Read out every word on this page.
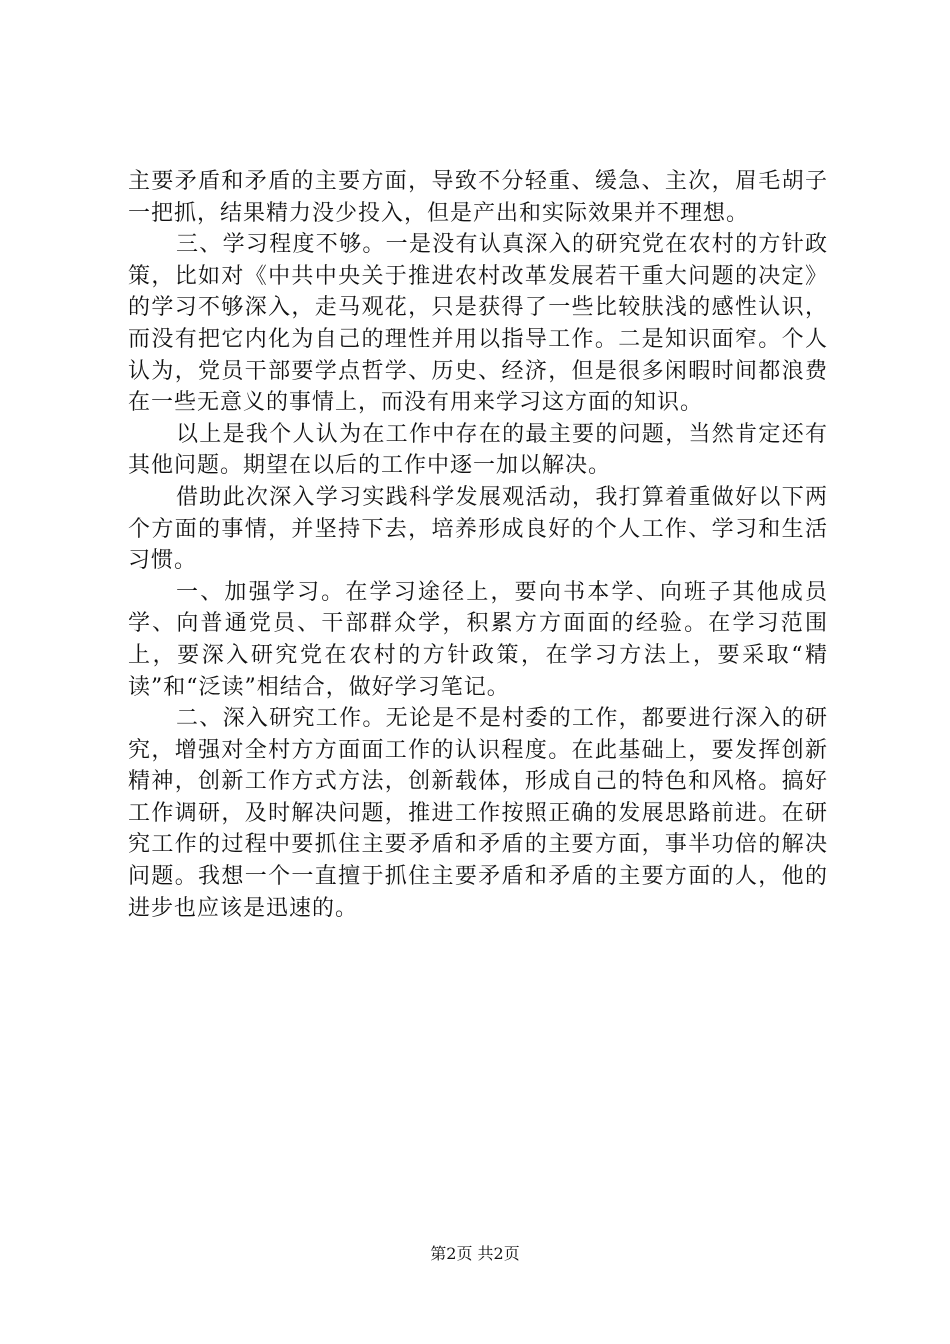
主要矛盾和矛盾的主要方面，导致不分轻重、缓急、主次，眉毛胡子一把抓，结果精力没少投入，但是产出和实际效果并不理想。

三、学习程度不够。一是没有认真深入的研究党在农村的方针政策，比如对《中共中央关于推进农村改革发展若干重大问题的决定》的学习不够深入，走马观花，只是获得了一些比较肤浅的感性认识，而没有把它内化为自己的理性并用以指导工作。二是知识面窄。个人认为，党员干部要学点哲学、历史、经济，但是很多闲暇时间都浪费在一些无意义的事情上，而没有用来学习这方面的知识。

以上是我个人认为在工作中存在的最主要的问题，当然肯定还有其他问题。期望在以后的工作中逐一加以解决。

借助此次深入学习实践科学发展观活动，我打算着重做好以下两个方面的事情，并坚持下去，培养形成良好的个人工作、学习和生活习惯。

一、加强学习。在学习途径上，要向书本学、向班子其他成员学、向普通党员、干部群众学，积累方方面面的经验。在学习范围上，要深入研究党在农村的方针政策，在学习方法上，要采取“精读”和“泛读”相结合，做好学习笔记。

二、深入研究工作。无论是不是村委的工作，都要进行深入的研究，增强对全村方方面面工作的认识程度。在此基础上，要发挥创新精神，创新工作方式方法，创新载体，形成自己的特色和风格。搞好工作调研，及时解决问题，推进工作按照正确的发展思路前进。在研究工作的过程中要抓住主要矛盾和矛盾的主要方面，事半功倍的解决问题。我想一个一直擅于抓住主要矛盾和矛盾的主要方面的人，他的进步也应该是迅速的。

第2页 共2页
